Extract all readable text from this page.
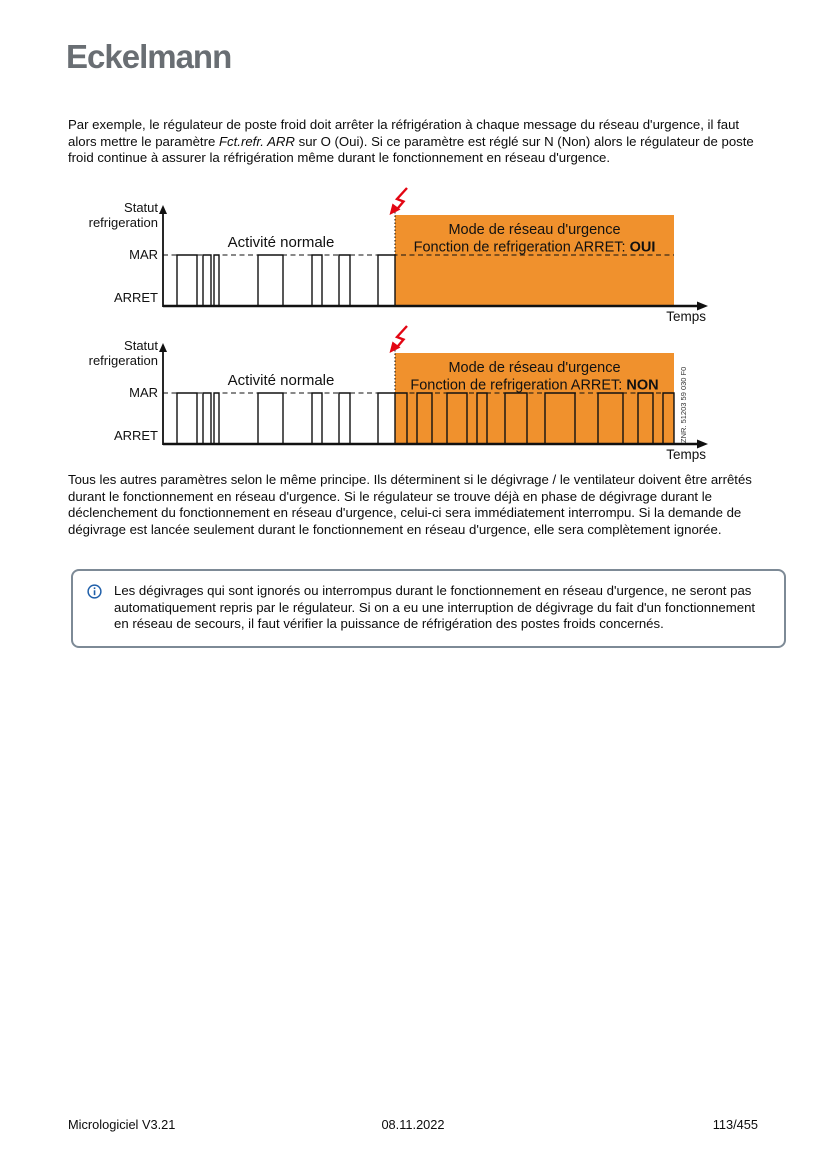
Eckelmann
Par exemple, le régulateur de poste froid doit arrêter la réfrigération à chaque message du réseau d'urgence, il faut alors mettre le paramètre Fct.refr. ARR sur O (Oui). Si ce paramètre est réglé sur N (Non) alors le régulateur de poste froid continue à assurer la réfrigération même durant le fonctionnement en réseau d'urgence.
Statut
refrigeration
MAR
ARRET
Temps
Activité normale
Mode de réseau d'urgence
Fonction de refrigeration ARRET: OUI
Statut
refrigeration
MAR
ARRET
Temps
Activité normale
Mode de réseau d'urgence
Fonction de refrigeration ARRET: NON	ZNR. 51203 59 030 F0
Tous les autres paramètres selon le même principe. Ils déterminent si le dégivrage / le ventilateur doivent être arrêtés durant le fonctionnement en réseau d'urgence. Si le régulateur se trouve déjà en phase de dégivrage durant le déclenchement du fonctionnement en réseau d'urgence, celui-ci sera immédiatement interrompu. Si la demande de dégivrage est lancée seulement durant le fonctionnement en réseau d'urgence, elle sera complètement ignorée.
Les dégivrages qui sont ignorés ou interrompus durant le fonctionnement en réseau d'urgence, ne seront pas automatiquement repris par le régulateur. Si on a eu une interruption de dégivrage du fait d'un fonctionnement en réseau de secours, il faut vérifier la puissance de réfrigération des postes froids concernés.
Micrologiciel V3.21	08.11.2022	113/455
